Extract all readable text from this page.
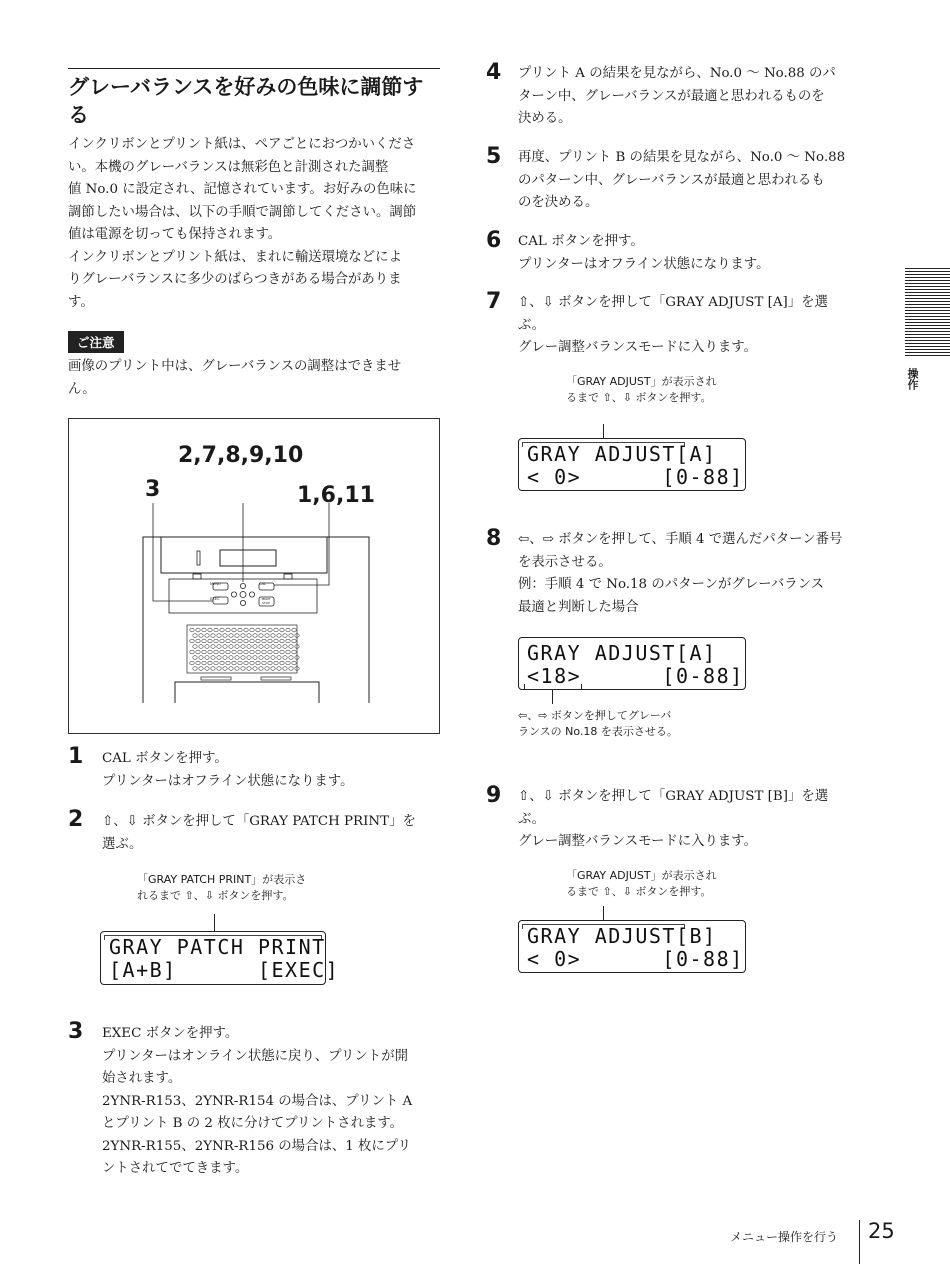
グレーバランスを好みの色味に調節する
インクリボンとプリント紙は、ペアごとにおつかいくださ
い。本機のグレーバランスは無彩色と計測された調整
値 No.0 に設定され、記憶されています。お好みの色味に
調節したい場合は、以下の手順で調節してください。調節
値は電源を切っても保持されます。
インクリボンとプリント紙は、まれに輸送環境などによ
りグレーバランスに多少のばらつきがある場合がありま
す。
ご注意
画像のプリント中は、グレーバランスの調整はできませ
ん。
2,7,8,9,10
3	1,6,11
MENU
EXEC
CAL
PRINT STOP
1 CAL ボタンを押す。

プリンターはオフライン状態になります。

2 ⇧、⇩ ボタンを押して「GRAY PATCH PRINT」を

選ぶ。

「GRAY PATCH PRINT」が表示さ
れるまで ⇧、⇩ ボタンを押す。
GRAY PATCH PRINT
[A+B]      [EXEC]
3 EXEC ボタンを押す。

プリンターはオンライン状態に戻り、プリントが開

始されます。

2YNR-R153、2YNR-R154 の場合は、プリント A

とプリント B の 2 枚に分けてプリントされます。

2YNR-R155、2YNR-R156 の場合は、1 枚にプリ

ントされてでてきます。

4 プリント A の結果を見ながら、No.0 ～ No.88 のパ

ターン中、グレーバランスが最適と思われるものを

決める。

5 再度、プリント B の結果を見ながら、No.0 ～ No.88

のパターン中、グレーバランスが最適と思われるも

のを決める。

6 CAL ボタンを押す。

プリンターはオフライン状態になります。

7 ⇧、⇩ ボタンを押して「GRAY ADJUST [A]」を選

ぶ。

グレー調整バランスモードに入ります。

「GRAY ADJUST」が表示され
るまで ⇧、⇩ ボタンを押す。
GRAY ADJUST[A]
< 0>      [0-88]
8 ⇦、⇨ ボタンを押して、手順 4 で選んだパターン番号

を表示させる。

例：手順 4 で No.18 のパターンがグレーバランス

最適と判断した場合

GRAY ADJUST[A]
<18>      [0-88]
⇦、⇨ ボタンを押してグレーバ
ランスの No.18 を表示させる。
9 ⇧、⇩ ボタンを押して「GRAY ADJUST [B]」を選

ぶ。

グレー調整バランスモードに入ります。

「GRAY ADJUST」が表示され
るまで ⇧、⇩ ボタンを押す。
GRAY ADJUST[B]
< 0>      [0-88]
操作
メニュー操作を行う 25
